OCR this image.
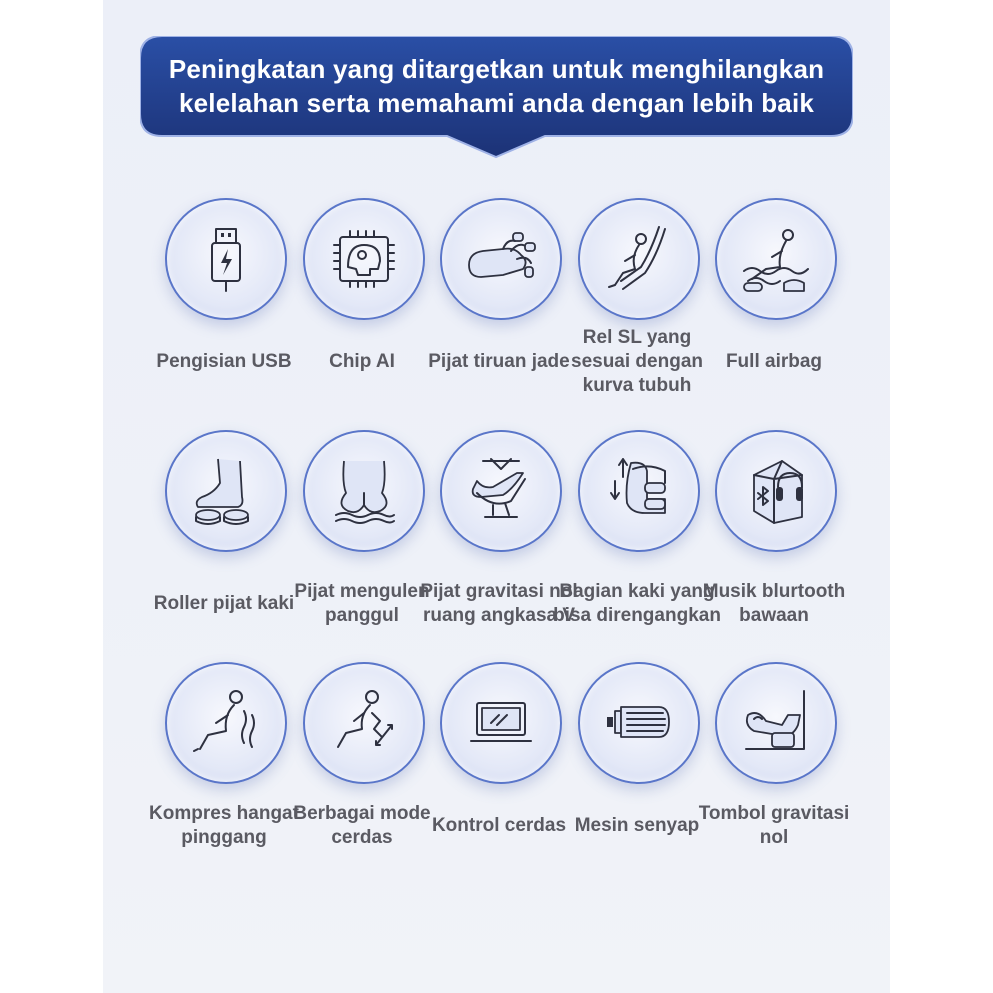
Peningkatan yang ditargetkan untuk menghilangkan
kelelahan serta memahami anda dengan lebih baik
Pengisian USB	Chip AI	Pijat tiruan jade
Rel SL yang sesuai dengan kurva tubuh
Full airbag
Roller pijat kaki
Pijat mengulen panggul
Pijat gravitasi nol ruang angkasa V
Bagian kaki yang bisa direngangkan
Musik blurtooth bawaan
Kompres hangat pinggang
Berbagai mode cerdas
Kontrol cerdas Mesin senyap
Tombol gravitasi nol
